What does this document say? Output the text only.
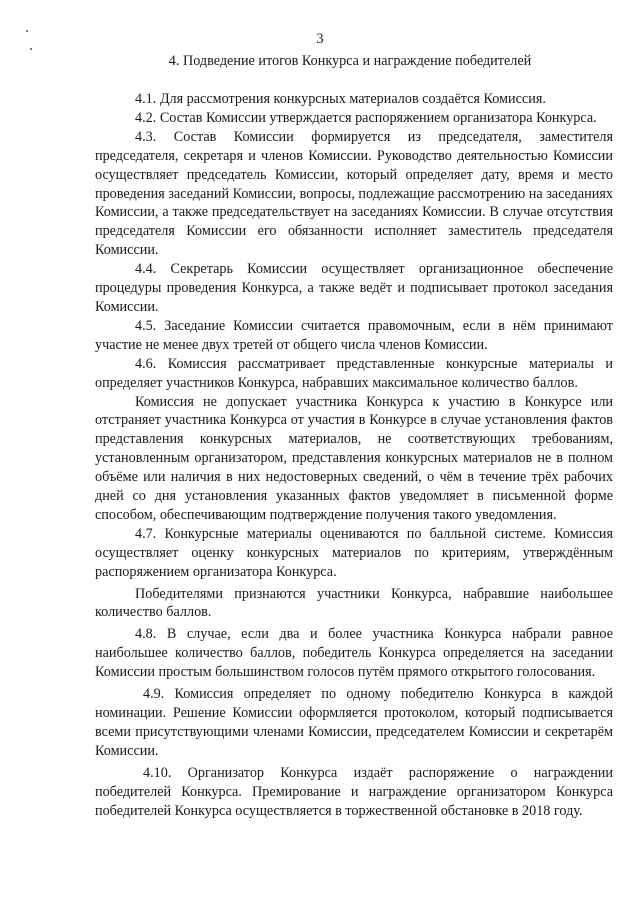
3
4. Подведение итогов Конкурса и награждение победителей

4.1. Для рассмотрения конкурсных материалов создаётся Комиссия.

4.2. Состав Комиссии утверждается распоряжением организатора Конкурса.

4.3. Состав Комиссии формируется из председателя, заместителя председателя, секретаря и членов Комиссии. Руководство деятельностью Комиссии осуществляет председатель Комиссии, который определяет дату, время и место проведения заседаний Комиссии, вопросы, подлежащие рассмотрению на заседаниях Комиссии, а также председательствует на заседаниях Комиссии. В случае отсутствия председателя Комиссии его обязанности исполняет заместитель председателя Комиссии.

4.4. Секретарь Комиссии осуществляет организационное обеспечение процедуры проведения Конкурса, а также ведёт и подписывает протокол заседания Комиссии.

4.5. Заседание Комиссии считается правомочным, если в нём принимают участие не менее двух третей от общего числа членов Комиссии.

4.6. Комиссия рассматривает представленные конкурсные материалы и определяет участников Конкурса, набравших максимальное количество баллов.

Комиссия не допускает участника Конкурса к участию в Конкурсе или отстраняет участника Конкурса от участия в Конкурсе в случае установления фактов представления конкурсных материалов, не соответствующих требованиям, установленным организатором, представления конкурсных материалов не в полном объёме или наличия в них недостоверных сведений, о чём в течение трёх рабочих дней со дня установления указанных фактов уведомляет в письменной форме способом, обеспечивающим подтверждение получения такого уведомления.

4.7. Конкурсные материалы оцениваются по балльной системе. Комиссия осуществляет оценку конкурсных материалов по критериям, утверждённым распоряжением организатора Конкурса.

Победителями признаются участники Конкурса, набравшие наибольшее количество баллов.

4.8. В случае, если два и более участника Конкурса набрали равное наибольшее количество баллов, победитель Конкурса определяется на заседании Комиссии простым большинством голосов путём прямого открытого голосования.

4.9. Комиссия определяет по одному победителю Конкурса в каждой номинации. Решение Комиссии оформляется протоколом, который подписывается всеми присутствующими членами Комиссии, председателем Комиссии и секретарём Комиссии.

4.10. Организатор Конкурса издаёт распоряжение о награждении победителей Конкурса. Премирование и награждение организатором Конкурса победителей Конкурса осуществляется в торжественной обстановке в 2018 году.
